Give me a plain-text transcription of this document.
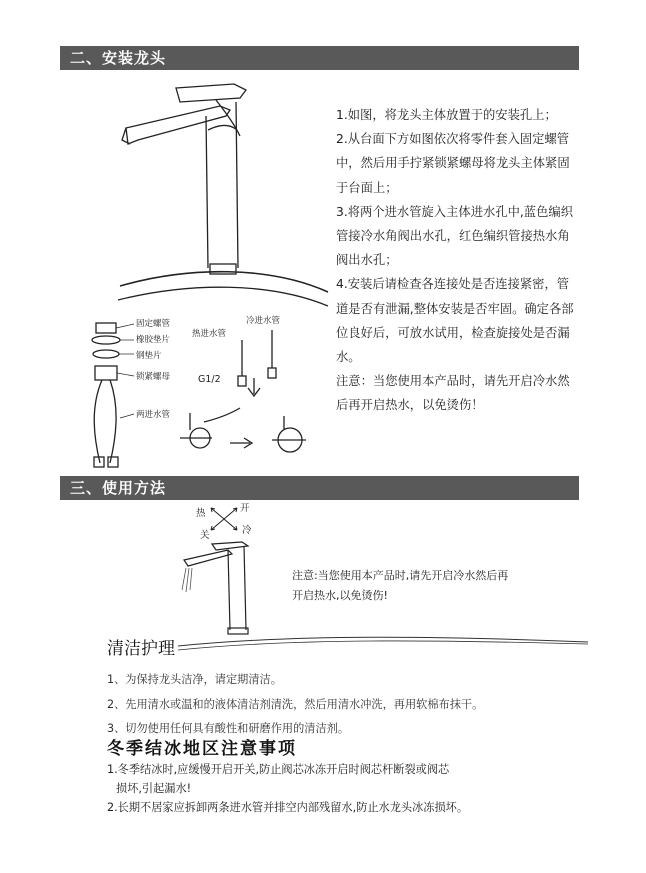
二、安装龙头
固定螺管
橡胶垫片
钢垫片
锁紧螺母
两进水管
热进水管
冷进水管
G1/2

1.如图，将龙头主体放置于的安装孔上；

2.从台面下方如图依次将零件套入固定螺管中，然后用手拧紧锁紧螺母将龙头主体紧固于台面上；

3.将两个进水管旋入主体进水孔中,蓝色编织管接冷水角阀出水孔，红色编织管接热水角阀出水孔；

4.安装后请检查各连接处是否连接紧密，管道是否有泄漏,整体安装是否牢固。确定各部位良好后，可放水试用，检查旋接处是否漏水。

注意：当您使用本产品时，请先开启冷水然后再开启热水，以免烫伤！

三、使用方法
热	开
关	冷

注意:当您使用本产品时,请先开启冷水然后再

开启热水,以免烫伤!

清洁护理

1、为保持龙头洁净，请定期清洁。

2、先用清水或温和的液体清洁剂清洗，然后用清水冲洗，再用软棉布抹干。

3、切勿使用任何具有酸性和研磨作用的清洁剂。

冬季结冰地区注意事项

1.冬季结冰时,应缓慢开启开关,防止阀芯冰冻开启时阀芯杆断裂或阀芯

损坏,引起漏水!

2.长期不居家应拆卸两条进水管并排空内部残留水,防止水龙头冰冻损坏。
